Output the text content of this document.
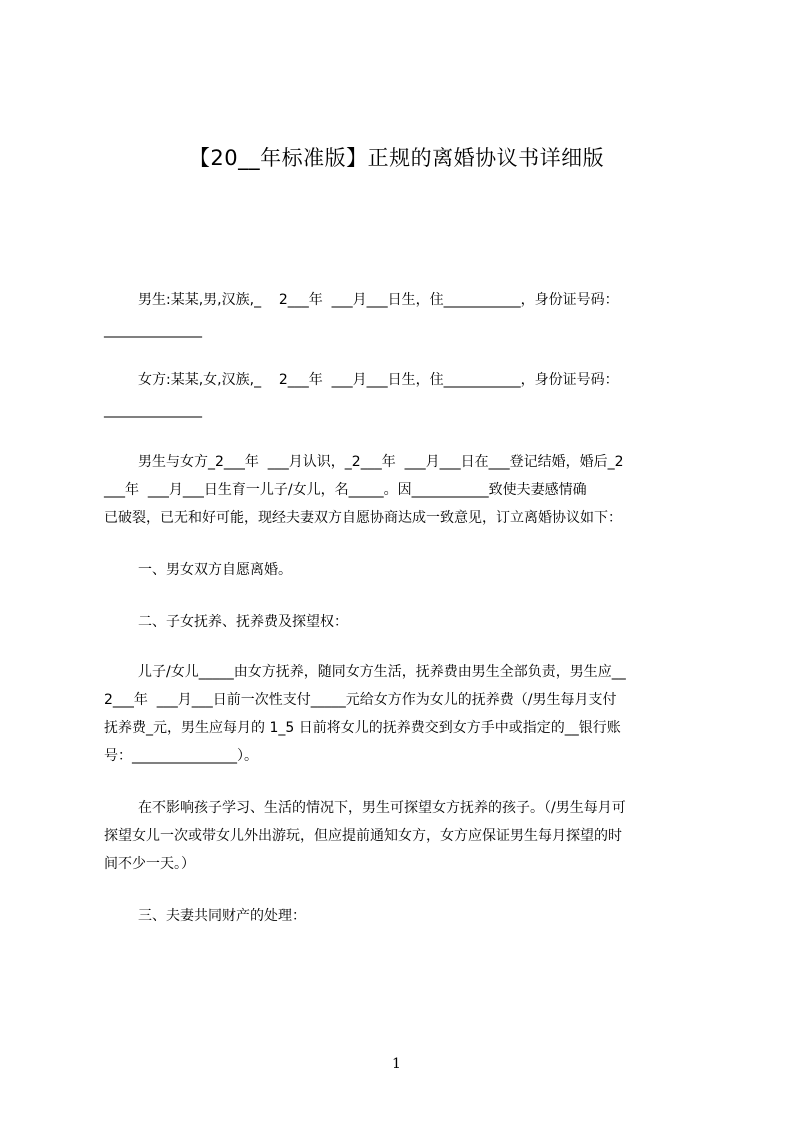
【20__年标准版】正规的离婚协议书详细版
男生:某某,男,汉族,_    2___年  ___月___日生，住___________，身份证号码：
______________
女方:某某,女,汉族,_    2___年  ___月___日生，住___________，身份证号码：
______________
男生与女方_2___年  ___月认识，_2___年  ___月___日在___登记结婚，婚后_2
___年  ___月___日生育一儿子/女儿，名_____。因___________致使夫妻感情确
已破裂，已无和好可能，现经夫妻双方自愿协商达成一致意见，订立离婚协议如下：
一、男女双方自愿离婚。
二、子女抚养、抚养费及探望权：
儿子/女儿_____由女方抚养，随同女方生活，抚养费由男生全部负责，男生应__
2___年  ___月___日前一次性支付_____元给女方作为女儿的抚养费（/男生每月支付
抚养费_元，男生应每月的 1_5 日前将女儿的抚养费交到女方手中或指定的__银行账
号：_______________）。
在不影响孩子学习、生活的情况下，男生可探望女方抚养的孩子。（/男生每月可
探望女儿一次或带女儿外出游玩，但应提前通知女方，女方应保证男生每月探望的时
间不少一天。）
三、夫妻共同财产的处理：
1
